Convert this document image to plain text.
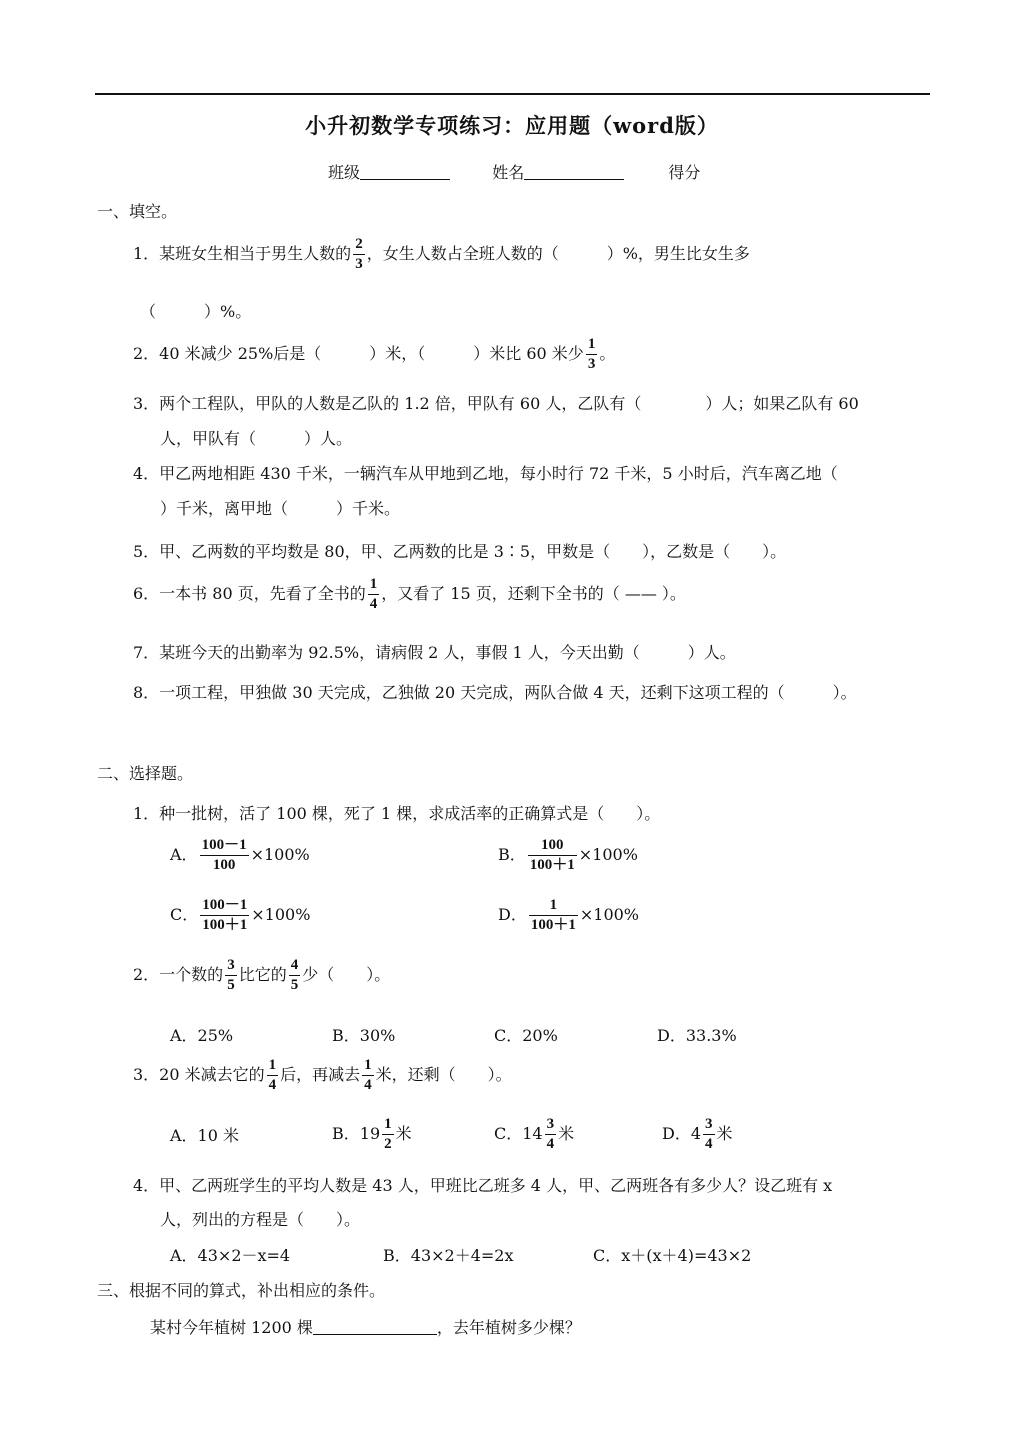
小升初数学专项练习：应用题（word版）
班级	姓名	得分
一、填空。
1．某班女生相当于男生人数的 $\frac{2}{3}$ ，女生人数占全班人数的（　　　）%，男生比女生多
（　　　）%。
2．40 米减少 25%后是（　　　）米，（　　　）米比 60 米少 $\frac{1}{3}$ 。
3．两个工程队，甲队的人数是乙队的 1.2 倍，甲队有 60 人，乙队有（　　　　）人；如果乙队有 60
人，甲队有（　　　）人。
4．甲乙两地相距 430 千米，一辆汽车从甲地到乙地，每小时行 72 千米，5 小时后，汽车离乙地（
）千米，离甲地（　　　）千米。
5．甲、乙两数的平均数是 80，甲、乙两数的比是 3∶5，甲数是（　　），乙数是（　　）。
6．一本书 80 页，先看了全书的 $\frac{1}{4}$ ，又看了 15 页，还剩下全书的（ —— ）。
7．某班今天的出勤率为 92.5%，请病假 2 人，事假 1 人，今天出勤（　　　）人。
8．一项工程，甲独做 30 天完成，乙独做 20 天完成，两队合做 4 天，还剩下这项工程的（　　　）。
二、选择题。
1．种一批树，活了 100 棵，死了 1 棵，求成活率的正确算式是（　　）。
A． $\frac{100-1}{100} \times 100\%$	B． $\frac{100}{100+1} \times 100\%$
C． $\frac{100-1}{100+1} \times 100\%$	D． $\frac{1}{100+1} \times 100\%$
2．一个数的 $\frac{3}{5}$ 比它的 $\frac{4}{5}$ 少（　　）。
A．25%	B．30%	C．20%	D．33.3%
3．20 米减去它的 $\frac{1}{4}$ 后，再减去 $\frac{1}{4}$ 米，还剩（　　）。
A．10 米	B．$19 \frac{1}{2}$ 米	C．$14 \frac{3}{4}$ 米	D．$4 \frac{3}{4}$ 米
4．甲、乙两班学生的平均人数是 43 人，甲班比乙班多 4 人，甲、乙两班各有多少人？设乙班有 x
人，列出的方程是（　　）。
A．43×2－x=4	B．43×2＋4=2x	C．x＋(x＋4)=43×2
三、根据不同的算式，补出相应的条件。
某村今年植树 1200 棵	，去年植树多少棵？
